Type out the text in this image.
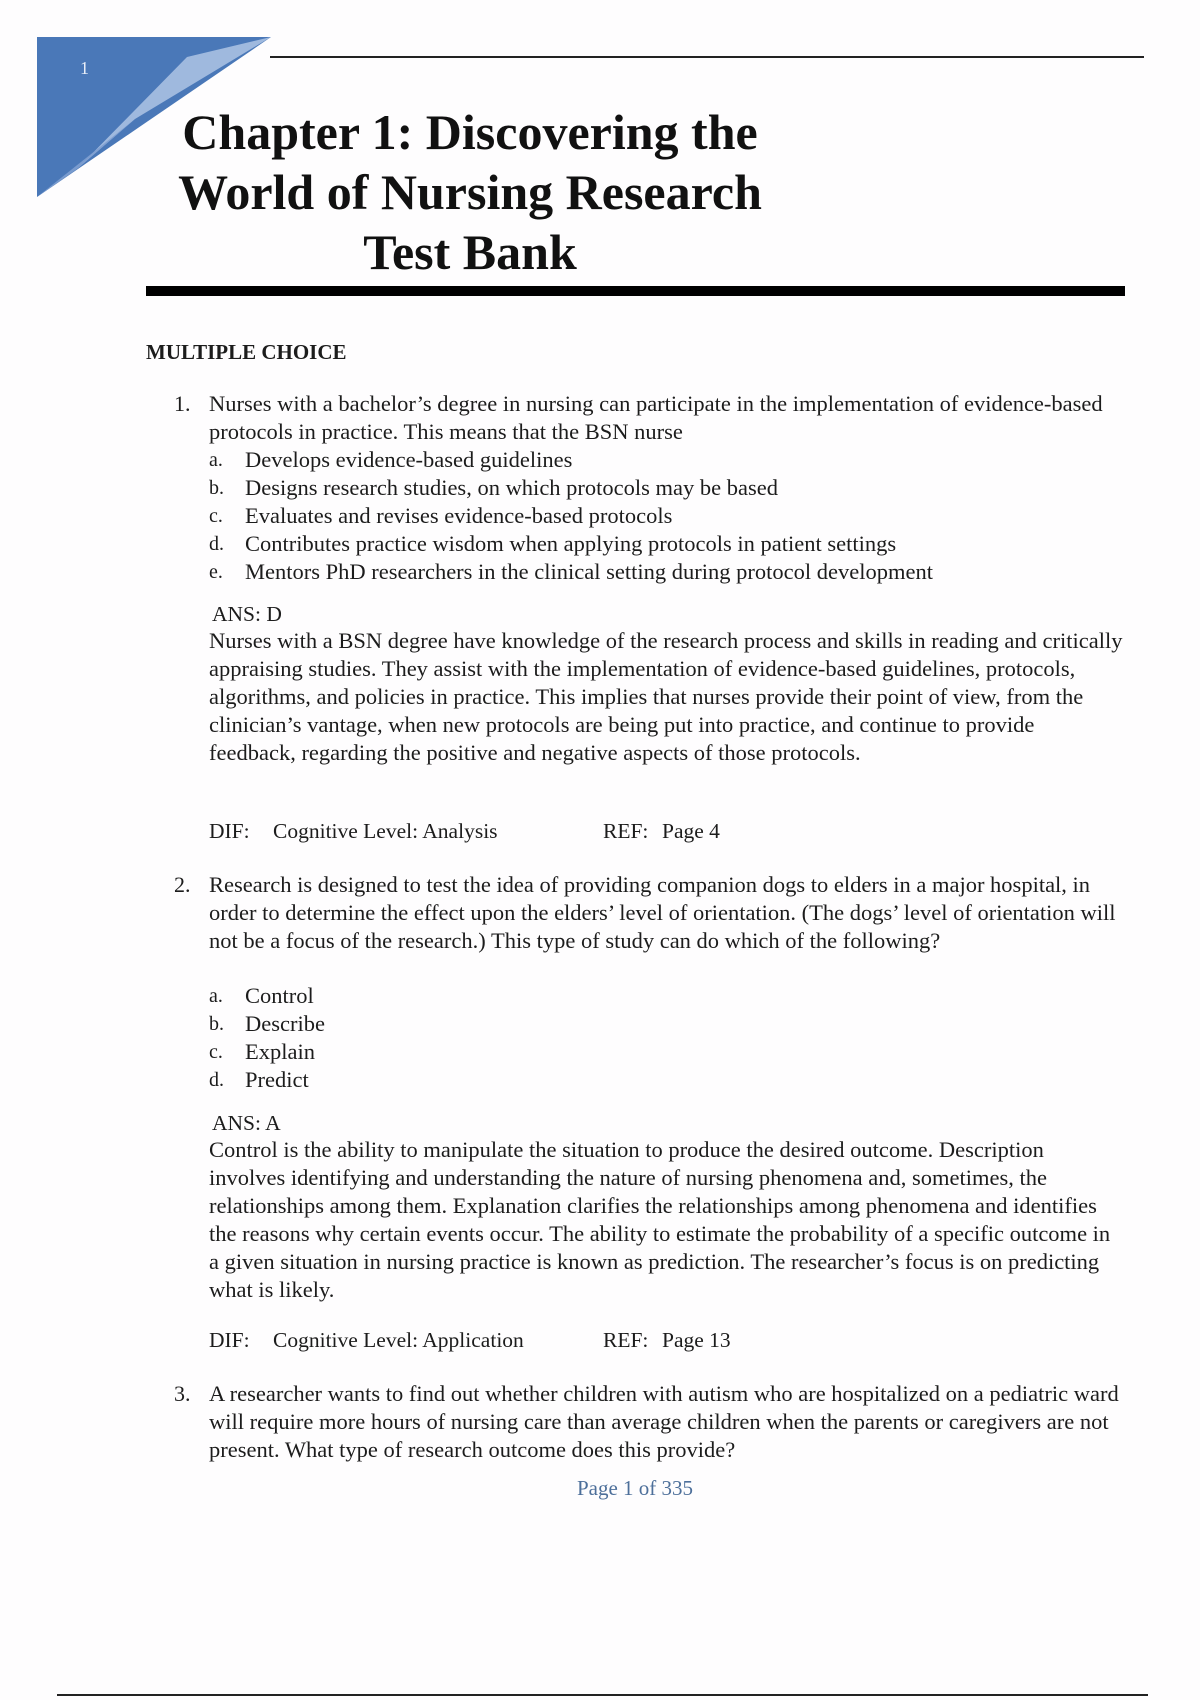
1
Chapter 1: Discovering the
World of Nursing Research
Test Bank
MULTIPLE CHOICE
1. Nurses with a bachelor’s degree in nursing can participate in the implementation of evidence-based protocols in practice. This means that the BSN nurse
a. Develops evidence-based guidelines
b. Designs research studies, on which protocols may be based
c. Evaluates and revises evidence-based protocols
d. Contributes practice wisdom when applying protocols in patient settings
e. Mentors PhD researchers in the clinical setting during protocol development
ANS: D
Nurses with a BSN degree have knowledge of the research process and skills in reading and critically appraising studies. They assist with the implementation of evidence-based guidelines, protocols, algorithms, and policies in practice. This implies that nurses provide their point of view, from the clinician’s vantage, when new protocols are being put into practice, and continue to provide feedback, regarding the positive and negative aspects of those protocols.
DIF: Cognitive Level: Analysis	REF: Page 4
2. Research is designed to test the idea of providing companion dogs to elders in a major hospital, in order to determine the effect upon the elders’ level of orientation. (The dogs’ level of orientation will not be a focus of the research.) This type of study can do which of the following?
a. Control
b. Describe
c. Explain
d. Predict
ANS: A
Control is the ability to manipulate the situation to produce the desired outcome. Description involves identifying and understanding the nature of nursing phenomena and, sometimes, the relationships among them. Explanation clarifies the relationships among phenomena and identifies the reasons why certain events occur. The ability to estimate the probability of a specific outcome in a given situation in nursing practice is known as prediction. The researcher’s focus is on predicting what is likely.
DIF: Cognitive Level: Application	REF: Page 13
3. A researcher wants to find out whether children with autism who are hospitalized on a pediatric ward will require more hours of nursing care than average children when the parents or caregivers are not present. What type of research outcome does this provide?
Page 1 of 335
